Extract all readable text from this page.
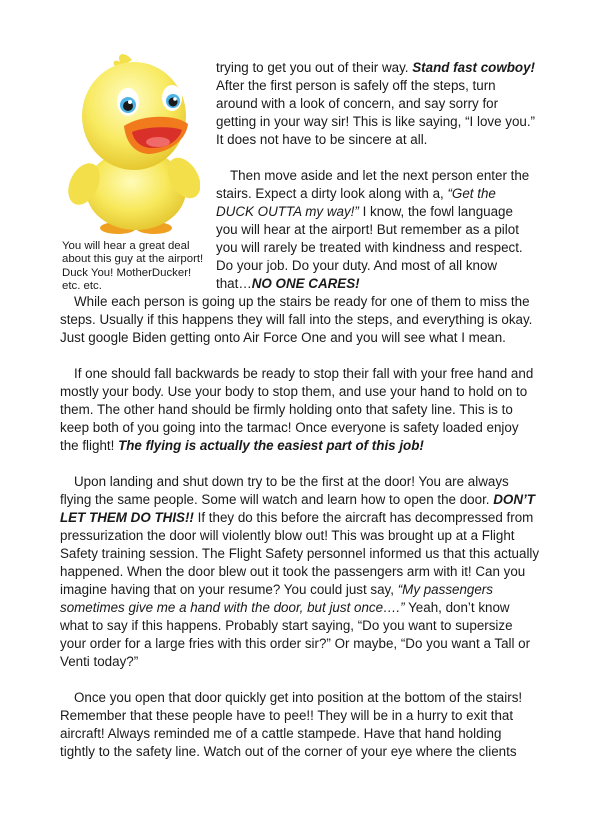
You will hear a great deal
about this guy at the airport!
Duck You! MotherDucker!
etc. etc.

trying to get you out of their way. Stand fast cowboy! After the first person is safely off the steps, turn around with a look of concern, and say sorry for getting in your way sir! This is like saying, “I love you.” It does not have to be sincere at all.

Then move aside and let the next person enter the stairs. Expect a dirty look along with a, “Get the DUCK OUTTA my way!” I know, the fowl language you will hear at the airport! But remember as a pilot you will rarely be treated with kindness and respect. Do your job. Do your duty. And most of all know that…NO ONE CARES!

While each person is going up the stairs be ready for one of them to miss the steps. Usually if this happens they will fall into the steps, and everything is okay. Just google Biden getting onto Air Force One and you will see what I mean.

If one should fall backwards be ready to stop their fall with your free hand and mostly your body. Use your body to stop them, and use your hand to hold on to them. The other hand should be firmly holding onto that safety line. This is to keep both of you going into the tarmac! Once everyone is safety loaded enjoy the flight! The flying is actually the easiest part of this job!

Upon landing and shut down try to be the first at the door! You are always flying the same people. Some will watch and learn how to open the door. DON’T LET THEM DO THIS!! If they do this before the aircraft has decompressed from pressurization the door will violently blow out! This was brought up at a Flight Safety training session. The Flight Safety personnel informed us that this actually happened. When the door blew out it took the passengers arm with it! Can you imagine having that on your resume? You could just say, “My passengers sometimes give me a hand with the door, but just once….” Yeah, don’t know what to say if this happens. Probably start saying, “Do you want to supersize your order for a large fries with this order sir?” Or maybe, “Do you want a Tall or Venti today?”

Once you open that door quickly get into position at the bottom of the stairs! Remember that these people have to pee!! They will be in a hurry to exit that aircraft! Always reminded me of a cattle stampede. Have that hand holding tightly to the safety line. Watch out of the corner of your eye where the clients
